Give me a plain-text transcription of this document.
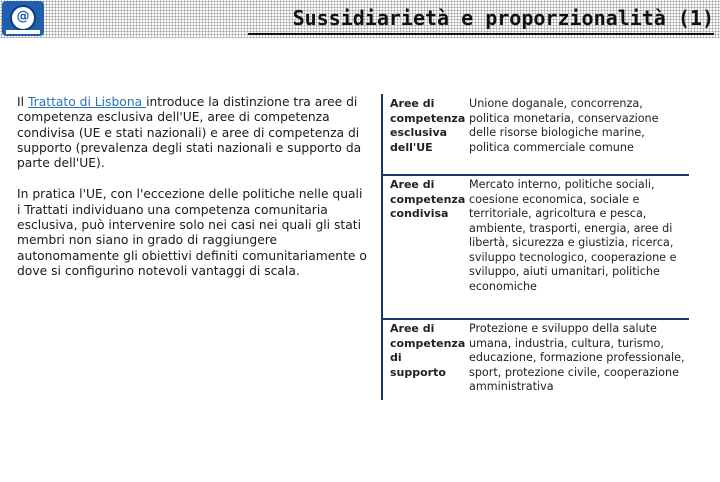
@	Sussidiarietà e proporzionalità (1)

Il Trattato di Lisbona introduce la distinzione tra aree di competenza esclusiva dell'UE, aree di competenza condivisa (UE e stati nazionali) e aree di competenza di supporto (prevalenza degli stati nazionali e supporto da parte dell'UE).

In pratica l'UE, con l'eccezione delle politiche nelle quali i Trattati individuano una competenza comunitaria esclusiva, può intervenire solo nei casi nei quali gli stati membri non siano in grado di raggiungere autonomamente gli obiettivi definiti comunitariamente o dove si configurino notevoli vantaggi di scala.

Aree di competenza esclusiva dell'UE
Unione doganale, concorrenza, politica monetaria, conservazione delle risorse biologiche marine, politica commerciale comune
Aree di competenza condivisa
Mercato interno, politiche sociali, coesione economica, sociale e territoriale, agricoltura e pesca, ambiente, trasporti, energia, aree di libertà, sicurezza e giustizia, ricerca, sviluppo tecnologico, cooperazione e sviluppo, aiuti umanitari, politiche economiche
Aree di competenza di supporto
Protezione e sviluppo della salute umana, industria, cultura, turismo, educazione, formazione professionale, sport, protezione civile, cooperazione amministrativa
